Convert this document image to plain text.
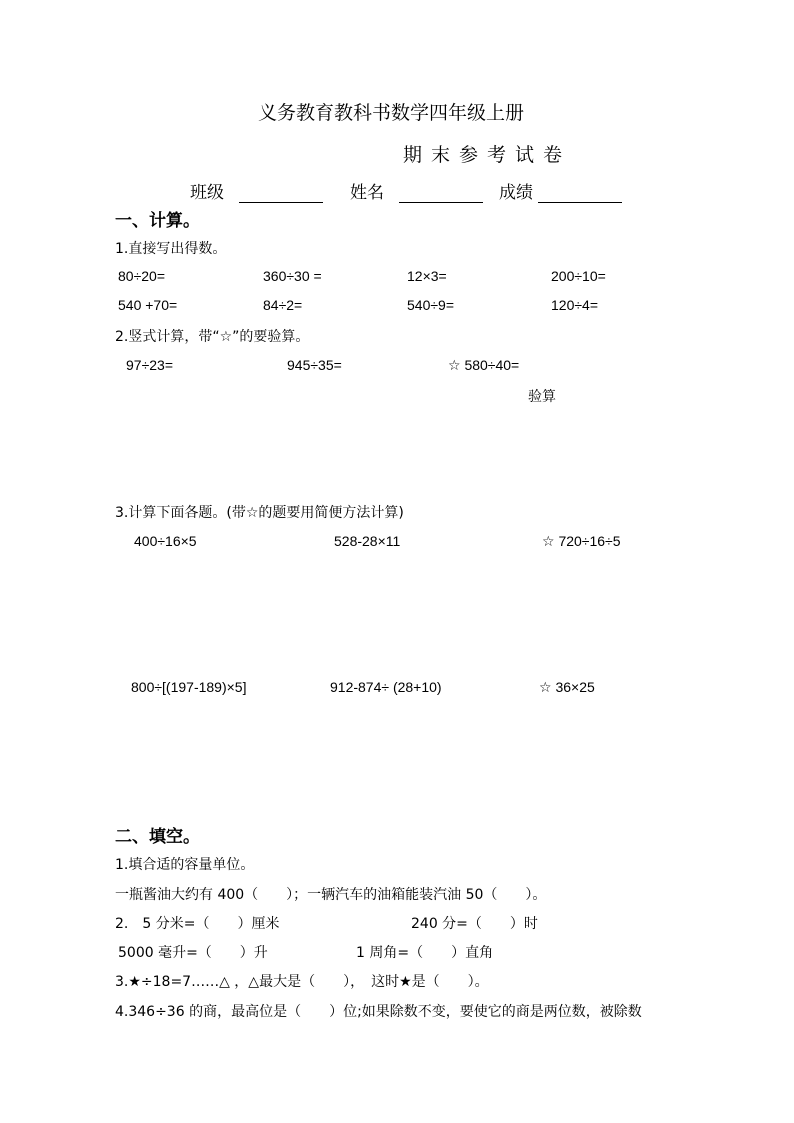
义务教育教科书数学四年级上册
期末参考试卷
班级	姓名	成绩
一、计算。
1.直接写出得数。
80÷20=	360÷30 =	12×3=	200÷10=
540 +70=	84÷2=	540÷9=	120÷4=
2.竖式计算，带“☆”的要验算。
97÷23=	945÷35=	☆ 580÷40=
验算
3.计算下面各题。(带☆的题要用简便方法计算)
400÷16×5	528-28×11	☆ 720÷16÷5
800÷[(197-189)×5]	912-874÷ (28+10)	☆ 36×25
二、填空。
1.填合适的容量单位。
一瓶酱油大约有 400（　　）；一辆汽车的油箱能装汽油 50（　　）。
2.　5 分米=（　　）厘米	240 分=（　　）时
5000 毫升=（　　）升	1 周角=（　　）直角
3.★÷18=7……△ ，△最大是（　　），　这时★是（　　）。
4.346÷36 的商，最高位是（　　）位;如果除数不变，要使它的商是两位数，被除数
